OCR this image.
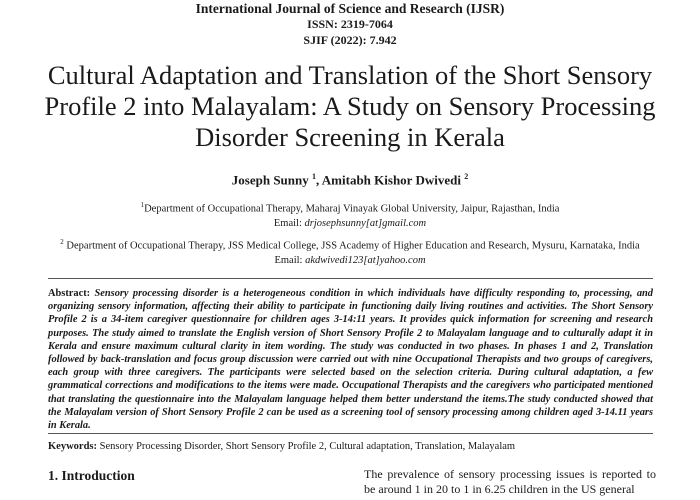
International Journal of Science and Research (IJSR)
ISSN: 2319-7064
SJIF (2022): 7.942
Cultural Adaptation and Translation of the Short Sensory Profile 2 into Malayalam: A Study on Sensory Processing Disorder Screening in Kerala
Joseph Sunny $^1$, Amitabh Kishor Dwivedi $^2$
$^1$Department of Occupational Therapy, Maharaj Vinayak Global University, Jaipur, Rajasthan, India
Email: drjosephsunny[at]gmail.com
$^2$ Department of Occupational Therapy, JSS Medical College, JSS Academy of Higher Education and Research, Mysuru, Karnataka, India
Email: akdwivedi123[at]yahoo.com
Abstract: Sensory processing disorder is a heterogeneous condition in which individuals have difficulty responding to, processing, and organizing sensory information, affecting their ability to participate in functioning daily living routines and activities. The Short Sensory Profile 2 is a 34-item caregiver questionnaire for children ages 3-14:11 years. It provides quick information for screening and research purposes. The study aimed to translate the English version of Short Sensory Profile 2 to Malayalam language and to culturally adapt it in Kerala and ensure maximum cultural clarity in item wording. The study was conducted in two phases. In phases 1 and 2, Translation followed by back-translation and focus group discussion were carried out with nine Occupational Therapists and two groups of caregivers, each group with three caregivers. The participants were selected based on the selection criteria. During cultural adaptation, a few grammatical corrections and modifications to the items were made. Occupational Therapists and the caregivers who participated mentioned that translating the questionnaire into the Malayalam language helped them better understand the items.The study conducted showed that the Malayalam version of Short Sensory Profile 2 can be used as a screening tool of sensory processing among children aged 3-14.11 years in Kerala.
Keywords: Sensory Processing Disorder, Short Sensory Profile 2, Cultural adaptation, Translation, Malayalam
1. Introduction	The prevalence of sensory processing issues is reported to be around 1 in 20 to 1 in 6.25 children in the US general
